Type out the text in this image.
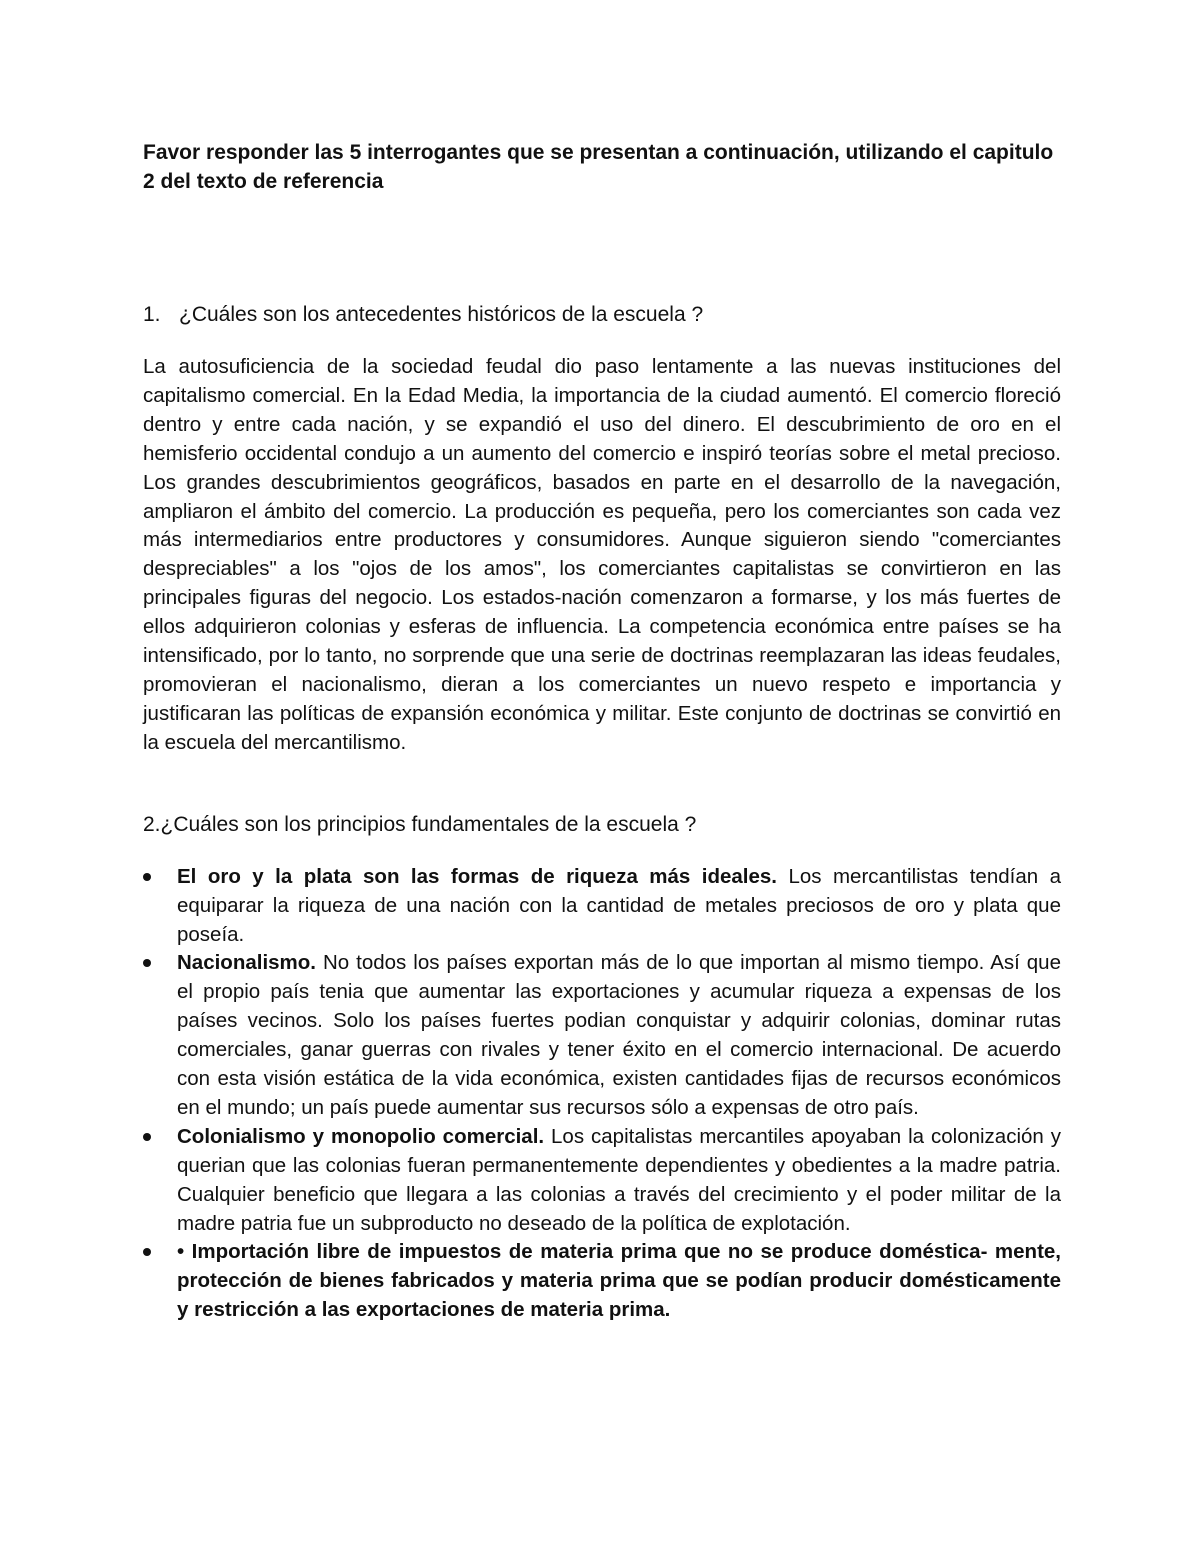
Favor responder las 5 interrogantes que se presentan a continuación, utilizando el capitulo 2 del texto de referencia

1. ¿Cuáles son los antecedentes históricos de la escuela ?
La autosuficiencia de la sociedad feudal dio paso lentamente a las nuevas instituciones del capitalismo comercial. En la Edad Media, la importancia de la ciudad aumentó. El comercio floreció dentro y entre cada nación, y se expandió el uso del dinero. El descubrimiento de oro en el hemisferio occidental condujo a un aumento del comercio e inspiró teorías sobre el metal precioso. Los grandes descubrimientos geográficos, basados en parte en el desarrollo de la navegación, ampliaron el ámbito del comercio. La producción es pequeña, pero los comerciantes son cada vez más intermediarios entre productores y consumidores. Aunque siguieron siendo "comerciantes despreciables" a los "ojos de los amos", los comerciantes capitalistas se convirtieron en las principales figuras del negocio. Los estados-nación comenzaron a formarse, y los más fuertes de ellos adquirieron colonias y esferas de influencia. La competencia económica entre países se ha intensificado, por lo tanto, no sorprende que una serie de doctrinas reemplazaran las ideas feudales, promovieran el nacionalismo, dieran a los comerciantes un nuevo respeto e importancia y justificaran las políticas de expansión económica y militar. Este conjunto de doctrinas se convirtió en la escuela del mercantilismo.
2.¿Cuáles son los principios fundamentales de la escuela ?
El oro y la plata son las formas de riqueza más ideales. Los mercantilistas tendían a equiparar la riqueza de una nación con la cantidad de metales preciosos de oro y plata que poseía.
Nacionalismo. No todos los países exportan más de lo que importan al mismo tiempo. Así que el propio país tenia que aumentar las exportaciones y acumular riqueza a expensas de los países vecinos. Solo los países fuertes podian conquistar y adquirir colonias, dominar rutas comerciales, ganar guerras con rivales y tener éxito en el comercio internacional. De acuerdo con esta visión estática de la vida económica, existen cantidades fijas de recursos económicos en el mundo; un país puede aumentar sus recursos sólo a expensas de otro país.
Colonialismo y monopolio comercial. Los capitalistas mercantiles apoyaban la colonización y querian que las colonias fueran permanentemente dependientes y obedientes a la madre patria. Cualquier beneficio que llegara a las colonias a través del crecimiento y el poder militar de la madre patria fue un subproducto no deseado de la política de explotación.
• Importación libre de impuestos de materia prima que no se produce doméstica- mente, protección de bienes fabricados y materia prima que se podían producir domésticamente y restricción a las exportaciones de materia prima.
